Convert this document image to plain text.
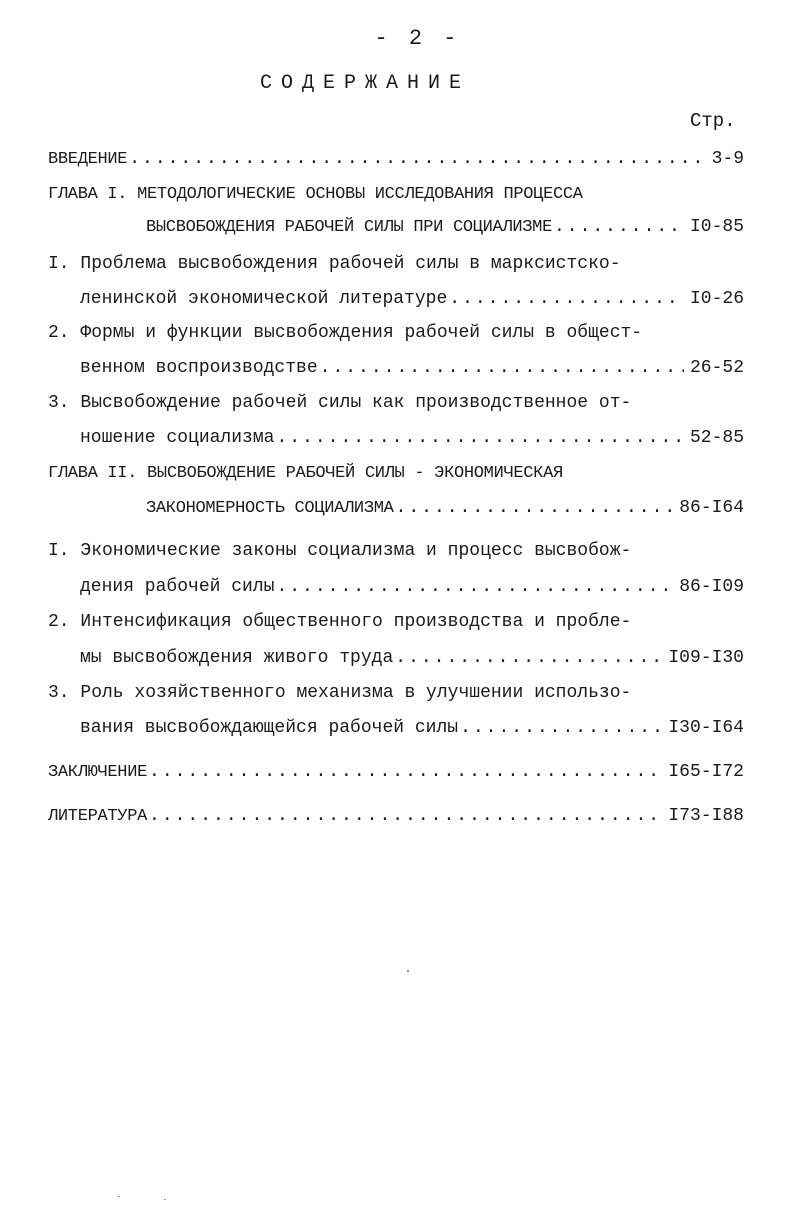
- 2 -
СОДЕРЖАНИЕ
Стр.
ВВЕДЕНИЕ .....	3-9
ГЛАВА I. МЕТОДОЛОГИЧЕСКИЕ ОСНОВЫ ИССЛЕДОВАНИЯ ПРОЦЕССА
ВЫСВОБОЖДЕНИЯ РАБОЧЕЙ СИЛЫ ПРИ СОЦИАЛИЗМЕ .....	I0-85
I. Проблема высвобождения рабочей силы в марксистско-
ленинской экономической литературе .....	I0-26
2. Формы и функции высвобождения рабочей силы в общест-
венном воспроизводстве .....	26-52
3. Высвобождение рабочей силы как производственное от-
ношение социализма .....	52-85
ГЛАВА II. ВЫСВОБОЖДЕНИЕ РАБОЧЕЙ СИЛЫ - ЭКОНОМИЧЕСКАЯ
ЗАКОНОМЕРНОСТЬ СОЦИАЛИЗМА .....	86-I64
I. Экономические законы социализма и процесс высвобож-
дения рабочей силы .....	86-I09
2. Интенсификация общественного производства и пробле-
мы высвобождения живого труда .....	I09-I30
3. Роль хозяйственного механизма в улучшении использо-
вания высвобождающейся рабочей силы .....	I30-I64
ЗАКЛЮЧЕНИЕ .....	I65-I72
ЛИТЕРАТУРА .....	I73-I88
